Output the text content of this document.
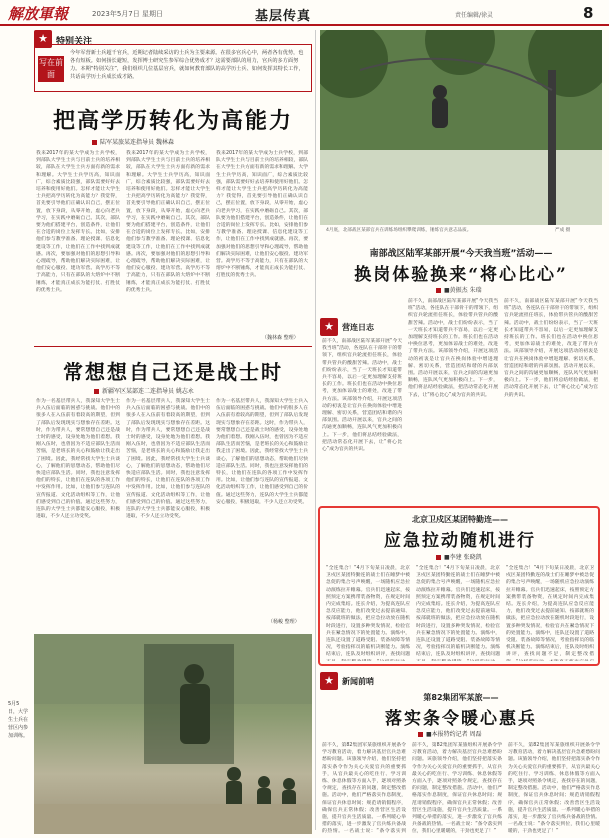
解放軍報	2023年5月7日 星期日	基层传真	责任编辑/徐灵	8
★ 特别关注
写在前面
今年军营新士兵超千官兵，近期记者陆续采访的士兵为主要来源。在很多官兵心中，两者各有优势，也各有短板。如何扬长避短，发挥博士研究生参军综合优势成才？这需要部队的用力，官兵的多方面努力。本期“特别关注”，我们组织几位基层官兵，就如何教育部队的高学历士兵、如何发挥其特长工作，共话高学历士兵成长成才路。
把高学历转化为高能力
陆军某旅某连指导员 魏林森
我来2017年的某大学成为士兵学校，到部队大学生士兵与目前士兵的培养相较，部队在大学生士兵方面有新的需求和理解。大学生士兵学历高，知识面广，综合素质比较强，部队需要好好去培养和使用好他们。怎样才能让大学生士兵把高学历转化为高能力？我觉得，首先要引导他们正确认识自己，摆正位置，放下身段，从零开始，虚心向老兵学习，在实践中磨砺自己。其次，部队要为他们搭建平台，创造条件，让他们在合适的岗位上发挥专长。比如，安排他们参与教学准备、理论授课、信息化建设等工作，让他们在工作中找到成就感。再次，要加强对他们的思想引导和心理疏导，帮助他们解决实际困难，让他们安心服役、建功军营。高学历不等于高能力，只有在部队的大熔炉中不断锤炼，才能真正成长为能打仗、打胜仗的优秀士兵。
我来2017年的某大学成为士兵学校，到部队大学生士兵与目前士兵的培养相较，部队在大学生士兵方面有新的需求和理解。大学生士兵学历高，知识面广，综合素质比较强，部队需要好好去培养和使用好他们。怎样才能让大学生士兵把高学历转化为高能力？我觉得，首先要引导他们正确认识自己，摆正位置，放下身段，从零开始，虚心向老兵学习，在实践中磨砺自己。其次，部队要为他们搭建平台，创造条件，让他们在合适的岗位上发挥专长。比如，安排他们参与教学准备、理论授课、信息化建设等工作，让他们在工作中找到成就感。再次，要加强对他们的思想引导和心理疏导，帮助他们解决实际困难，让他们安心服役、建功军营。高学历不等于高能力，只有在部队的大熔炉中不断锤炼，才能真正成长为能打仗、打胜仗的优秀士兵。
我来2017年的某大学成为士兵学校，到部队大学生士兵与目前士兵的培养相较，部队在大学生士兵方面有新的需求和理解。大学生士兵学历高，知识面广，综合素质比较强，部队需要好好去培养和使用好他们。怎样才能让大学生士兵把高学历转化为高能力？我觉得，首先要引导他们正确认识自己，摆正位置，放下身段，从零开始，虚心向老兵学习，在实践中磨砺自己。其次，部队要为他们搭建平台，创造条件，让他们在合适的岗位上发挥专长。比如，安排他们参与教学准备、理论授课、信息化建设等工作，让他们在工作中找到成就感。再次，要加强对他们的思想引导和心理疏导，帮助他们解决实际困难，让他们安心服役、建功军营。高学历不等于高能力，只有在部队的大熔炉中不断锤炼，才能真正成长为能打仗、打胜仗的优秀士兵。
（魏林森 整理）
常想想自己还是战士时
新疆军区某部连二连指导员 姚志永
作为一名基层带兵人，我深知大学生士兵入伍后面临的困惑与挑战。他们中的很多人在入伍前有着较高的期望，但到了部队后发现现实与想象存在差距。这时，作为带兵人，要常想想自己还是战士时的感受，设身处地为他们着想。我刚入伍时，也曾因为不适应部队生活而苦恼，是老班长的关心和鼓励让我走出了困境。因此，我经常找大学生士兵谈心，了解他们的思想动态，帮助他们尽快适应部队生活。同时，我也注意发挥他们的特长，让他们在连队的各项工作中发挥作用。比如，让他们参与连队的宣传报道、文化活动组织等工作，让他们感受到自己的价值。通过这些努力，连队的大学生士兵都能安心服役，积极进取，不少人还立功受奖。
作为一名基层带兵人，我深知大学生士兵入伍后面临的困惑与挑战。他们中的很多人在入伍前有着较高的期望，但到了部队后发现现实与想象存在差距。这时，作为带兵人，要常想想自己还是战士时的感受，设身处地为他们着想。我刚入伍时，也曾因为不适应部队生活而苦恼，是老班长的关心和鼓励让我走出了困境。因此，我经常找大学生士兵谈心，了解他们的思想动态，帮助他们尽快适应部队生活。同时，我也注意发挥他们的特长，让他们在连队的各项工作中发挥作用。比如，让他们参与连队的宣传报道、文化活动组织等工作，让他们感受到自己的价值。通过这些努力，连队的大学生士兵都能安心服役，积极进取，不少人还立功受奖。
作为一名基层带兵人，我深知大学生士兵入伍后面临的困惑与挑战。他们中的很多人在入伍前有着较高的期望，但到了部队后发现现实与想象存在差距。这时，作为带兵人，要常想想自己还是战士时的感受，设身处地为他们着想。我刚入伍时，也曾因为不适应部队生活而苦恼，是老班长的关心和鼓励让我走出了困境。因此，我经常找大学生士兵谈心，了解他们的思想动态，帮助他们尽快适应部队生活。同时，我也注意发挥他们的特长，让他们在连队的各项工作中发挥作用。比如，让他们参与连队的宣传报道、文化活动组织等工作，让他们感受到自己的价值。通过这些努力，连队的大学生士兵都能安心服役，积极进取，不少人还立功受奖。
（杨峻 整理）
5月5日，大学生士兵在营区内参加训练。
4月底，北部战区某部官兵在训练场组织攀爬训练，锤炼官兵意志品质。	严成 摄
南部战区陆军某部开展“今天我当班”活动——
换岗体验换来“将心比心”
■黄振杰 朱瑞
★	营连日志
前不久，南部战区陆军某部开展“今天我当班”活动，各连队在干部骨干的带领下，组织官兵轮流担任班长，体验带兵管兵的酸甜苦辣。活动中，战士们纷纷表示，当了一天班长才知道带兵不容易，以后一定更加理解支持班长的工作。班长们也在活动中换位思考，更加体谅战士的难处，改进了带兵方法。该部领导介绍，开展这项活动的初衷是让官兵在换岗体验中增进理解、密切关系，营造团结和谐的内部氛围。活动开展以来，官兵之间的沟通更加顺畅，连队风气更加积极向上。下一步，他们将总结经验做法，把活动常态化开展下去，让“将心比心”成为官兵的共识。
前不久，南部战区陆军某部开展“今天我当班”活动，各连队在干部骨干的带领下，组织官兵轮流担任班长，体验带兵管兵的酸甜苦辣。活动中，战士们纷纷表示，当了一天班长才知道带兵不容易，以后一定更加理解支持班长的工作。班长们也在活动中换位思考，更加体谅战士的难处，改进了带兵方法。该部领导介绍，开展这项活动的初衷是让官兵在换岗体验中增进理解、密切关系，营造团结和谐的内部氛围。活动开展以来，官兵之间的沟通更加顺畅，连队风气更加积极向上。下一步，他们将总结经验做法，把活动常态化开展下去，让“将心比心”成为官兵的共识。
前不久，南部战区陆军某部开展“今天我当班”活动，各连队在干部骨干的带领下，组织官兵轮流担任班长，体验带兵管兵的酸甜苦辣。活动中，战士们纷纷表示，当了一天班长才知道带兵不容易，以后一定更加理解支持班长的工作。班长们也在活动中换位思考，更加体谅战士的难处，改进了带兵方法。该部领导介绍，开展这项活动的初衷是让官兵在换岗体验中增进理解、密切关系，营造团结和谐的内部氛围。活动开展以来，官兵之间的沟通更加顺畅，连队风气更加积极向上。下一步，他们将总结经验做法，把活动常态化开展下去，让“将心比心”成为官兵的共识。
北京卫戍区某团特勤连——
应急拉动随机进行
■李建 张晓凯
“全连集合！”4月下旬某日凌晨，北京卫戍区某团特勤连的战士们在睡梦中被急促的集合号声唤醒，一场随机应急拉动演练拉开帷幕。官兵们迅速起床，按照预定方案携带装备物资，在规定时间内完成集结。连长介绍，为提高连队应急反应能力，他们改变过去提前通知、按部就班的做法，把应急拉动放在随机时段进行，设置多种突发情况，检验官兵在紧急情况下的处置能力。演练中，连队还设置了道路受阻、装备故障等情况，考验指挥员的临机决断能力。演练结束后，连队及时组织讲评，查找问题
“全连集合！”4月下旬某日凌晨，北京卫戍区某团特勤连的战士们在睡梦中被急促的集合号声唤醒，一场随机应急拉动演练拉开帷幕。官兵们迅速起床，按照预定方案携带装备物资，在规定时间内完成集结。连长介绍，为提高连队应急反应能力，他们改变过去提前通知、按部就班的做法，把应急拉动放在随机时段进行，设置多种突发情况，检验官兵在紧急情况下的处置能力。演练中，连队还设置了道路受阻、装备故障等情况，考验指挥员的临机决断能力。演练结束后，连队及时组织讲评，查找问题
“全连集合！”4月下旬某日凌晨，北京卫戍区某团特勤连的战士们在睡梦中被急促的集合号声唤醒，一场随机应急拉动演练拉开帷幕。官兵们迅速起床，按照预定方案携带装备物资，在规定时间内完成集结。连长介绍，为提高连队应急反应能力，他们改变过去提前通知、按部就班的做法，把应急拉动放在随机时段进行，设置多种突发情况，检验官兵在紧急情况下的处置能力。演练中，连队还设置了道路受阻、装备故障等情况，考验指挥员的临机决断能力。演练结束后，连队及时组织讲评，查找问题不足，制定整改措
★	新闻前哨
第82集团军某旅——
落实条令暖心惠兵
■本报特约记者 周磊
前不久，第82集团军某旅组织开展条令学习教育活动，着力解决基层官兵急难愁盼问题。该旅领导介绍，他们坚持把落实条令作为关心关爱官兵的重要抓手，从官兵最关心的吃住行、学习训练、休息休假等方面入手，逐项对照条令规定，查找存在的问题，制定整改措施。活动中，他们严格落实作息制度，保证官兵休息时间；规范请销假程序，确保官兵正常休假；改善营区生活设施，提升官兵生活质量。一系列暖心举措的落实，进一步激发了官兵练兵备战的热情。一名战士说：“条令落实到
前不久，第82集团军某旅组织开展条令学习教育活动，着力解决基层官兵急难愁盼问题。该旅领导介绍，他们坚持把落实条令作为关心关爱官兵的重要抓手，从官兵最关心的吃住行、学习训练、休息休假等方面入手，逐项对照条令规定，查找存在的问题，制定整改措施。活动中，他们严格落实作息制度，保证官兵休息时间；规范请销假程序，确保官兵正常休假；改善营区生活设施，提升官兵生活质量。一系列暖心举措的落实，进一步激发了官兵练兵备战的热情。一名战士说：“条令落实到位，我们心里暖暖的，干劲也更足了！”
前不久，第82集团军某旅组织开展条令学习教育活动，着力解决基层官兵急难愁盼问题。该旅领导介绍，他们坚持把落实条令作为关心关爱官兵的重要抓手，从官兵最关心的吃住行、学习训练、休息休假等方面入手，逐项对照条令规定，查找存在的问题，制定整改措施。活动中，他们严格落实作息制度，保证官兵休息时间；规范请销假程序，确保官兵正常休假；改善营区生活设施，提升官兵生活质量。一系列暖心举措的落实，进一步激发了官兵练兵备战的热情。一名战士说：“条令落实到位，我们心里暖暖的，干劲也更足了！”
